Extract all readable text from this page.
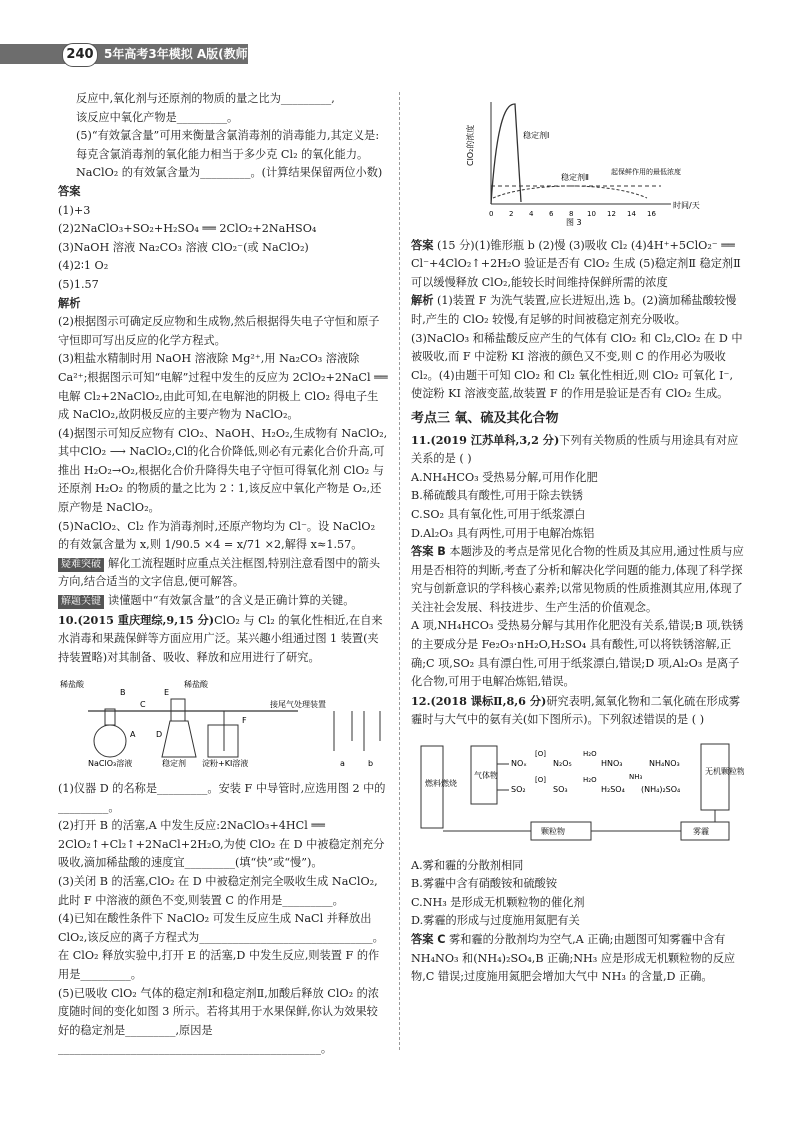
240 5年高考3年模拟 A版(教师用书)

反应中,氧化剂与还原剂的物质的量之比为_________,

该反应中氧化产物是_________。

(5)“有效氯含量”可用来衡量含氯消毒剂的消毒能力,其定义是:每克含氯消毒剂的氧化能力相当于多少克 Cl₂ 的氧化能力。NaClO₂ 的有效氯含量为_________。(计算结果保留两位小数)

答案

(1)+3

(2)2NaClO₃+SO₂+H₂SO₄ ══ 2ClO₂+2NaHSO₄

(3)NaOH 溶液 Na₂CO₃ 溶液 ClO₂⁻(或 NaClO₂)

(4)2∶1 O₂

(5)1.57

解析

(2)根据图示可确定反应物和生成物,然后根据得失电子守恒和原子守恒即可写出反应的化学方程式。

(3)粗盐水精制时用 NaOH 溶液除 Mg²⁺,用 Na₂CO₃ 溶液除 Ca²⁺;根据图示可知“电解”过程中发生的反应为 2ClO₂+2NaCl ══电解 Cl₂+2NaClO₂,由此可知,在电解池的阴极上 ClO₂ 得电子生成 NaClO₂,故阴极反应的主要产物为 NaClO₂。

(4)据图示可知反应物有 ClO₂、NaOH、H₂O₂,生成物有 NaClO₂,其中ClO₂ ⟶ NaClO₂,Cl的化合价降低,则必有元素化合价升高,可推出 H₂O₂→O₂,根据化合价升降得失电子守恒可得氧化剂 ClO₂ 与还原剂 H₂O₂ 的物质的量之比为 2∶1,该反应中氧化产物是 O₂,还原产物是 NaClO₂。

(5)NaClO₂、Cl₂ 作为消毒剂时,还原产物均为 Cl⁻。设 NaClO₂ 的有效氯含量为 x,则 1/90.5 ×4 = x/71 ×2,解得 x≈1.57。

疑难突破 解化工流程题时应重点关注框图,特别注意看图中的箭头方向,结合适当的文字信息,便可解答。

解题关键 读懂题中“有效氯含量”的含义是正确计算的关键。

10.(2015 重庆理综,9,15 分)ClO₂ 与 Cl₂ 的氧化性相近,在自来水消毒和果蔬保鲜等方面应用广泛。某兴趣小组通过图 1 装置(夹持装置略)对其制备、吸收、释放和应用进行了研究。

稀盐酸
B
C
E
稀盐酸
A	D
F
接尾气处理装置
NaClO₃溶液	稳定剂 淀粉+KI溶液	a	b

(1)仪器 D 的名称是_________。安装 F 中导管时,应选用图 2 中的_________。

(2)打开 B 的活塞,A 中发生反应:2NaClO₃+4HCl ══ 2ClO₂↑+Cl₂↑+2NaCl+2H₂O,为使 ClO₂ 在 D 中被稳定剂充分吸收,滴加稀盐酸的速度宜_________(填“快”或“慢”)。

(3)关闭 B 的活塞,ClO₂ 在 D 中被稳定剂完全吸收生成 NaClO₂,此时 F 中溶液的颜色不变,则装置 C 的作用是_________。

(4)已知在酸性条件下 NaClO₂ 可发生反应生成 NaCl 并释放出 ClO₂,该反应的离子方程式为_______________________________。在 ClO₂ 释放实验中,打开 E 的活塞,D 中发生反应,则装置 F 的作用是_________。

(5)已吸收 ClO₂ 气体的稳定剂Ⅰ和稳定剂Ⅱ,加酸后释放 ClO₂ 的浓度随时间的变化如图 3 所示。若将其用于水果保鲜,你认为效果较好的稳定剂是_________,原因是_______________________________________________。

ClO₂的浓度
时间/天
稳定剂Ⅰ
稳定剂Ⅱ
起保鲜作用的最低浓度
0 2 4 6 8 10 12 14 16
图 3

答案 (15 分)(1)锥形瓶 b (2)慢 (3)吸收 Cl₂ (4)4H⁺+5ClO₂⁻ ══ Cl⁻+4ClO₂↑+2H₂O 验证是否有 ClO₂ 生成 (5)稳定剂Ⅱ 稳定剂Ⅱ可以缓慢释放 ClO₂,能较长时间维持保鲜所需的浓度

解析 (1)装置 F 为洗气装置,应长进短出,选 b。(2)滴加稀盐酸较慢时,产生的 ClO₂ 较慢,有足够的时间被稳定剂充分吸收。(3)NaClO₃ 和稀盐酸反应产生的气体有 ClO₂ 和 Cl₂,ClO₂ 在 D 中被吸收,而 F 中淀粉 KI 溶液的颜色又不变,则 C 的作用必为吸收 Cl₂。(4)由题干可知 ClO₂ 和 Cl₂ 氧化性相近,则 ClO₂ 可氧化 I⁻,使淀粉 KI 溶液变蓝,故装置 F 的作用是验证是否有 ClO₂ 生成。

考点三 氧、硫及其化合物

11.(2019 江苏单科,3,2 分)下列有关物质的性质与用途具有对应关系的是 ( )

A.NH₄HCO₃ 受热易分解,可用作化肥

B.稀硫酸具有酸性,可用于除去铁锈

C.SO₂ 具有氧化性,可用于纸浆漂白

D.Al₂O₃ 具有两性,可用于电解冶炼铝

答案 B 本题涉及的考点是常见化合物的性质及其应用,通过性质与应用是否相符的判断,考查了分析和解决化学问题的能力,体现了科学探究与创新意识的学科核心素养;以常见物质的性质推测其应用,体现了关注社会发展、科技进步、生产生活的价值观念。

A 项,NH₄HCO₃ 受热易分解与其用作化肥没有关系,错误;B 项,铁锈的主要成分是 Fe₂O₃·nH₂O,H₂SO₄ 具有酸性,可以将铁锈溶解,正确;C 项,SO₂ 具有漂白性,可用于纸浆漂白,错误;D 项,Al₂O₃ 是离子化合物,可用于电解冶炼铝,错误。

12.(2018 课标Ⅱ,8,6 分)研究表明,氮氧化物和二氧化硫在形成雾霾时与大气中的氨有关(如下图所示)。下列叙述错误的是 ( )

燃料燃烧
气体物
NOₓ
[O]
N₂O₅
H₂O
HNO₃	NH₄NO₃
SO₂
[O]
SO₃
H₂O
H₂SO₄ (NH₄)₂SO₄
NH₃
无机颗粒物
颗粒物	雾霾

A.雾和霾的分散剂相同

B.雾霾中含有硝酸铵和硫酸铵

C.NH₃ 是形成无机颗粒物的催化剂

D.雾霾的形成与过度施用氮肥有关

答案 C 雾和霾的分散剂均为空气,A 正确;由题图可知雾霾中含有 NH₄NO₃ 和(NH₄)₂SO₄,B 正确;NH₃ 应是形成无机颗粒物的反应物,C 错误;过度施用氮肥会增加大气中 NH₃ 的含量,D 正确。
